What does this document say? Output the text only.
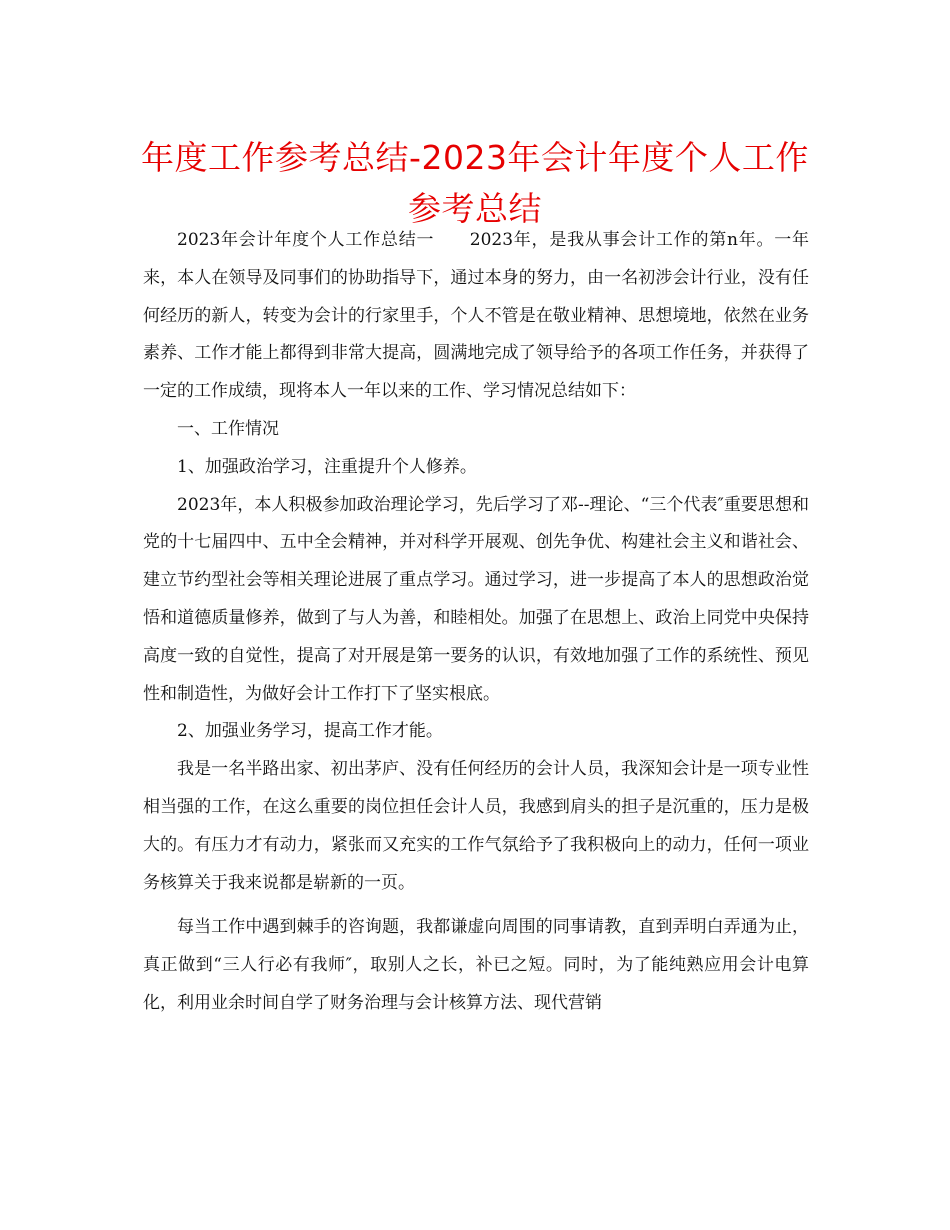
年度工作参考总结-2023年会计年度个人工作参考总结

2023年会计年度个人工作总结一　　2023年，是我从事会计工作的第n年。一年来，本人在领导及同事们的协助指导下，通过本身的努力，由一名初涉会计行业，没有任何经历的新人，转变为会计的行家里手，个人不管是在敬业精神、思想境地，依然在业务素养、工作才能上都得到非常大提高，圆满地完成了领导给予的各项工作任务，并获得了一定的工作成绩，现将本人一年以来的工作、学习情况总结如下：

一、工作情况

1、加强政治学习，注重提升个人修养。

2023年，本人积极参加政治理论学习，先后学习了邓--理论、“三个代表″重要思想和党的十七届四中、五中全会精神，并对科学开展观、创先争优、构建社会主义和谐社会、建立节约型社会等相关理论进展了重点学习。通过学习，进一步提高了本人的思想政治觉悟和道德质量修养，做到了与人为善，和睦相处。加强了在思想上、政治上同党中央保持高度一致的自觉性，提高了对开展是第一要务的认识，有效地加强了工作的系统性、预见性和制造性，为做好会计工作打下了坚实根底。

2、加强业务学习，提高工作才能。

我是一名半路出家、初出茅庐、没有任何经历的会计人员，我深知会计是一项专业性相当强的工作，在这么重要的岗位担任会计人员，我感到肩头的担子是沉重的，压力是极大的。有压力才有动力，紧张而又充实的工作气氛给予了我积极向上的动力，任何一项业务核算关于我来说都是崭新的一页。

每当工作中遇到棘手的咨询题，我都谦虚向周围的同事请教，直到弄明白弄通为止，真正做到“三人行必有我师″，取别人之长，补已之短。同时，为了能纯熟应用会计电算化，利用业余时间自学了财务治理与会计核算方法、现代营销
